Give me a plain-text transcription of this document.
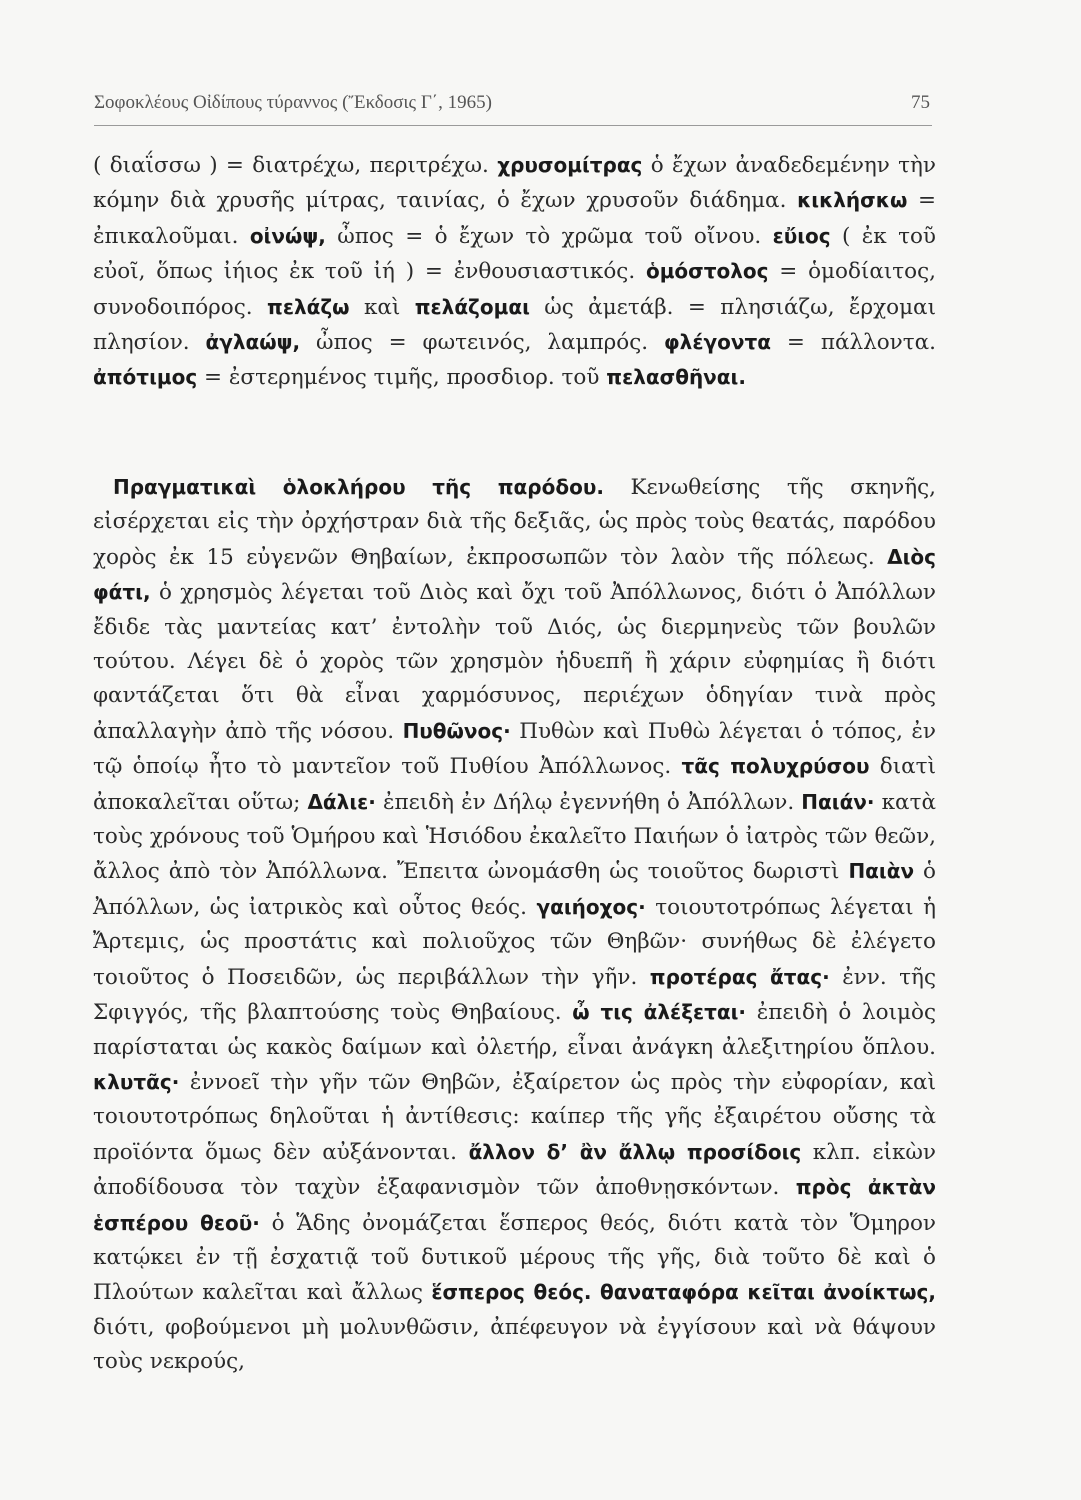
Σοφοκλέους Οἰδίπους τύραννος (Ἔκδοσις Γ΄, 1965)	75
( διαΐσσω ) = διατρέχω, περιτρέχω. χρυσομίτρας ὁ ἔχων ἀναδεδεμένην τὴν κόμην διὰ χρυσῆς μίτρας, ταινίας, ὁ ἔχων χρυσοῦν διάδημα. κικλήσκω = ἐπικαλοῦμαι. οἰνώψ, ὦπος = ὁ ἔχων τὸ χρῶμα τοῦ οἴνου. εὔιος ( ἐκ τοῦ εὐοῖ, ὅπως ἰήιος ἐκ τοῦ ἰή ) = ἐνθουσιαστικός. ὁμόστολος = ὁμοδίαιτος, συνοδοιπόρος. πελάζω καὶ πελάζομαι ὡς ἀμετάβ. = πλησιάζω, ἔρχομαι πλησίον. ἀγλαώψ, ὦπος = φωτεινός, λαμπρός. φλέγοντα = πάλλοντα. ἀπότιμος = ἐστερημένος τιμῆς, προσδιορ. τοῦ πελασθῆναι.
Πραγματικαὶ ὁλοκλήρου τῆς παρόδου. Κενωθείσης τῆς σκηνῆς, εἰσέρχεται εἰς τὴν ὀρχήστραν διὰ τῆς δεξιᾶς, ὡς πρὸς τοὺς θεατάς, παρόδου χορὸς ἐκ 15 εὐγενῶν Θηβαίων, ἐκπροσωπῶν τὸν λαὸν τῆς πόλεως. Διὸς φάτι, ὁ χρησμὸς λέγεται τοῦ Διὸς καὶ ὄχι τοῦ Ἀπόλλωνος, διότι ὁ Ἀπόλλων ἔδιδε τὰς μαντείας κατ’ ἐντολὴν τοῦ Διός, ὡς διερμηνεὺς τῶν βουλῶν τούτου. Λέγει δὲ ὁ χορὸς τῶν χρησμὸν ἡδυεπῆ ἢ χάριν εὐφημίας ἢ διότι φαντάζεται ὅτι θὰ εἶναι χαρμόσυνος, περιέχων ὁδηγίαν τινὰ πρὸς ἀπαλλαγὴν ἀπὸ τῆς νόσου. Πυθῶνος· Πυθὼν καὶ Πυθὼ λέγεται ὁ τόπος, ἐν τῷ ὁποίῳ ἦτο τὸ μαντεῖον τοῦ Πυθίου Ἀπόλλωνος. τᾶς πολυχρύσου διατὶ ἀποκαλεῖται οὕτω; Δάλιε· ἐπειδὴ ἐν Δήλῳ ἐγεννήθη ὁ Ἀπόλλων. Παιάν· κατὰ τοὺς χρόνους τοῦ Ὁμήρου καὶ Ἡσιόδου ἐκαλεῖτο Παιήων ὁ ἰατρὸς τῶν θεῶν, ἄλλος ἀπὸ τὸν Ἀπόλλωνα. Ἔπειτα ὠνομάσθη ὡς τοιοῦτος δωριστὶ Παιὰν ὁ Ἀπόλλων, ὡς ἰατρικὸς καὶ οὗτος θεός. γαιήοχος· τοιουτοτρόπως λέγεται ἡ Ἄρτεμις, ὡς προστάτις καὶ πολιοῦχος τῶν Θηβῶν· συνήθως δὲ ἐλέγετο τοιοῦτος ὁ Ποσειδῶν, ὡς περιβάλλων τὴν γῆν. προτέρας ἄτας· ἐνν. τῆς Σφιγγός, τῆς βλαπτούσης τοὺς Θηβαίους. ὦ τις ἀλέξεται· ἐπειδὴ ὁ λοιμὸς παρίσταται ὡς κακὸς δαίμων καὶ ὀλετήρ, εἶναι ἀνάγκη ἀλεξιτηρίου ὅπλου. κλυτᾶς· ἐννοεῖ τὴν γῆν τῶν Θηβῶν, ἐξαίρετον ὡς πρὸς τὴν εὐφορίαν, καὶ τοιουτοτρόπως δηλοῦται ἡ ἀντίθεσις: καίπερ τῆς γῆς ἐξαιρέτου οὔσης τὰ προϊόντα ὅμως δὲν αὐξάνονται. ἄλλον δ’ ἂν ἄλλῳ προσίδοις κλπ. εἰκὼν ἀποδίδουσα τὸν ταχὺν ἐξαφανισμὸν τῶν ἀποθνῃσκόντων. πρὸς ἀκτὰν ἑσπέρου θεοῦ· ὁ Ἅδης ὀνομάζεται ἕσπερος θεός, διότι κατὰ τὸν Ὅμηρον κατῴκει ἐν τῇ ἐσχατιᾷ τοῦ δυτικοῦ μέρους τῆς γῆς, διὰ τοῦτο δὲ καὶ ὁ Πλούτων καλεῖται καὶ ἄλλως ἕσπερος θεός. θαναταφόρα κεῖται ἀνοίκτως, διότι, φοβούμενοι μὴ μολυνθῶσιν, ἀπέφευγον νὰ ἐγγίσουν καὶ νὰ θάψουν τοὺς νεκρούς,
